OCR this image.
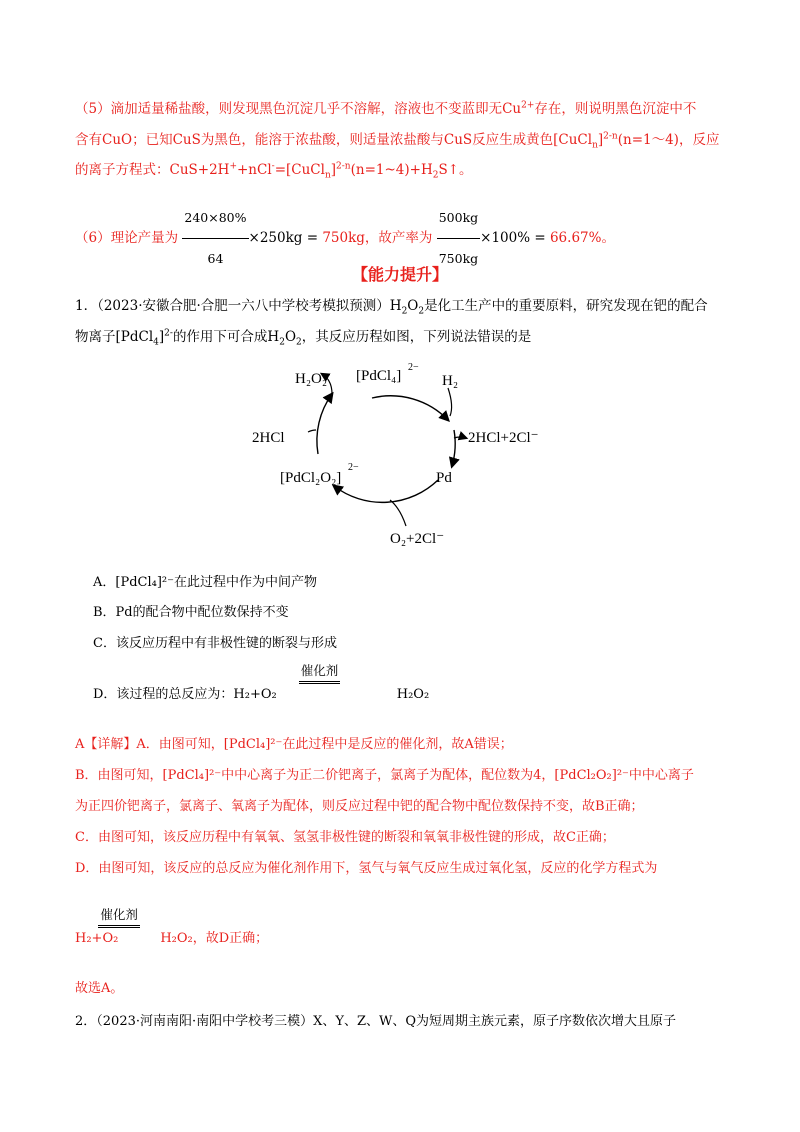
（5）滴加适量稀盐酸，则发现黑色沉淀几乎不溶解，溶液也不变蓝即无$Cu^{2+}$存在，则说明黑色沉淀中不
含有CuO；已知CuS为黑色，能溶于浓盐酸，则适量浓盐酸与CuS反应生成黄色[CuCl$_n$]$^{2-n}$(n=1～4)，反应
的离子方程式：$CuS+2H^++nCl^-=[CuCl_n]^{2-n}(n=1\sim 4)+H_2S↑$。
（6）理论产量为 $\frac{240\times 80\%}{64} \times 250kg = 750kg$，故产率为 $\frac{500kg}{750kg} \times 100\% = 66.67\%$。
【能力提升】
1．（2023·安徽合肥·合肥一六八中学校考模拟预测）$H_2O_2$是化工生产中的重要原料，研究发现在钯的配合
物离子[PdCl$_4$]$^{2-}$的作用下可合成$H_2O_2$，其反应历程如图，下列说法错误的是
H₂O₂ [PdCl₄]
2−
H₂
2HCl+2Cl⁻
2HCl
[PdCl₂O₂]
2−
Pd
O₂+2Cl⁻
A．[PdCl₄]²⁻在此过程中作为中间产物
B．Pd的配合物中配位数保持不变
C．该反应历程中有非极性键的断裂与形成
D．该过程的总反应为：H₂+O₂
催化剂
H₂O₂
A【详解】A．由图可知，[PdCl₄]²⁻在此过程中是反应的催化剂，故A错误；
B．由图可知，[PdCl₄]²⁻中中心离子为正二价钯离子，氯离子为配体，配位数为4，[PdCl₂O₂]²⁻中中心离子
为正四价钯离子，氯离子、氧离子为配体，则反应过程中钯的配合物中配位数保持不变，故B正确；
C．由图可知，该反应历程中有氧氧、氢氢非极性键的断裂和氧氧非极性键的形成，故C正确；
D．由图可知，该反应的总反应为催化剂作用下，氢气与氧气反应生成过氧化氢，反应的化学方程式为
H₂+O₂
催化剂
H₂O₂，故D正确；
故选A。
2．（2023·河南南阳·南阳中学校考三模）X、Y、Z、W、Q为短周期主族元素，原子序数依次增大且原子
